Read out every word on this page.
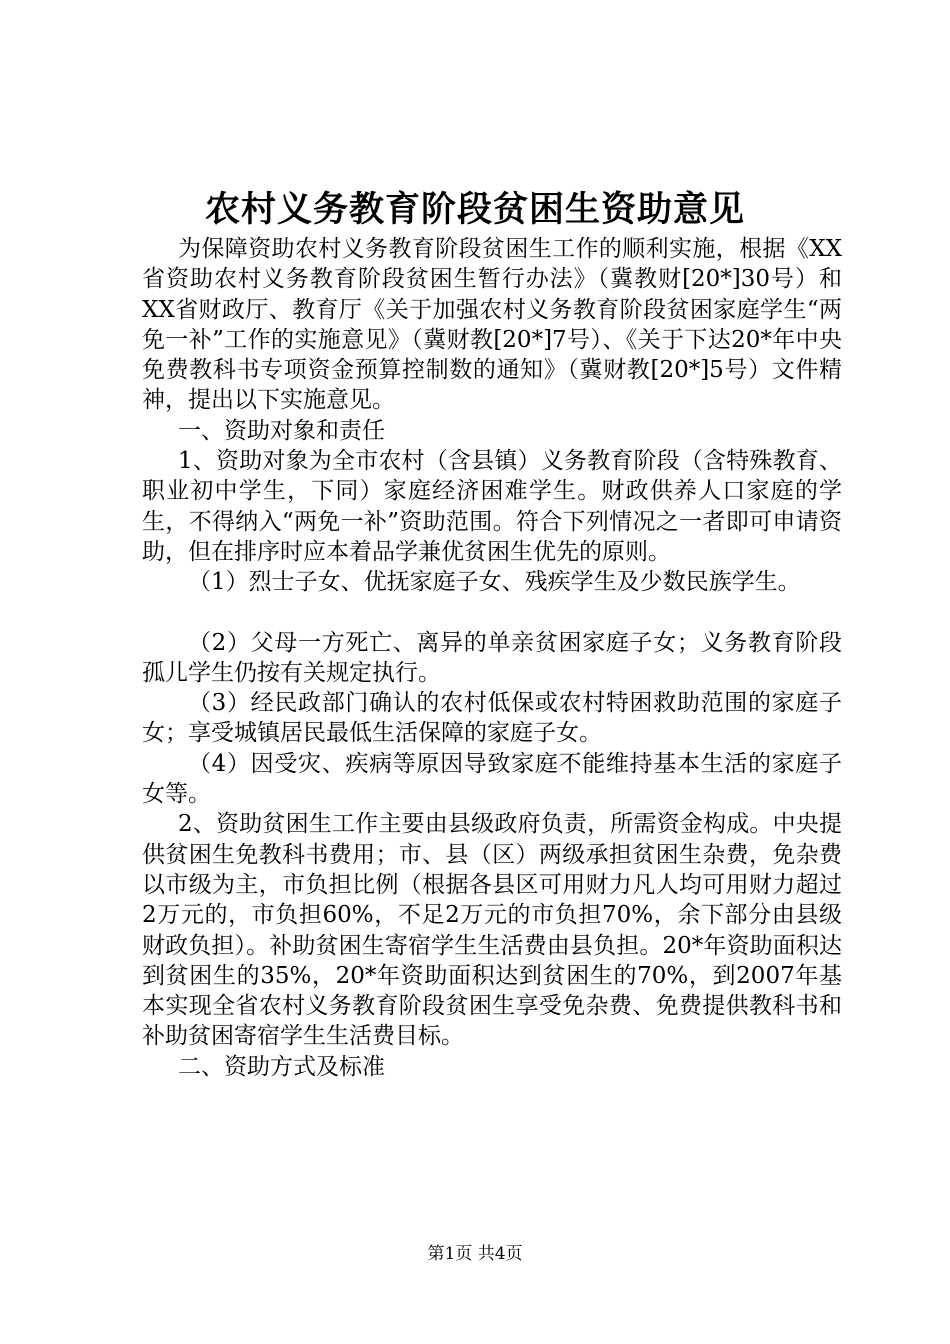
农村义务教育阶段贫困生资助意见

为保障资助农村义务教育阶段贫困生工作的顺利实施，根据《XX省资助农村义务教育阶段贫困生暂行办法》（冀教财[20*]30号）和XX省财政厅、教育厅《关于加强农村义务教育阶段贫困家庭学生“两免一补”工作的实施意见》（冀财教[20*]7号）、《关于下达20*年中央免费教科书专项资金预算控制数的通知》（冀财教[20*]5号）文件精神，提出以下实施意见。

一、资助对象和责任

1、资助对象为全市农村（含县镇）义务教育阶段（含特殊教育、职业初中学生，下同）家庭经济困难学生。财政供养人口家庭的学生，不得纳入“两免一补”资助范围。符合下列情况之一者即可申请资助，但在排序时应本着品学兼优贫困生优先的原则。

（1）烈士子女、优抚家庭子女、残疾学生及少数民族学生。

（2）父母一方死亡、离异的单亲贫困家庭子女；义务教育阶段孤儿学生仍按有关规定执行。

（3）经民政部门确认的农村低保或农村特困救助范围的家庭子女；享受城镇居民最低生活保障的家庭子女。

（4）因受灾、疾病等原因导致家庭不能维持基本生活的家庭子女等。

2、资助贫困生工作主要由县级政府负责，所需资金构成。中央提供贫困生免教科书费用；市、县（区）两级承担贫困生杂费，免杂费以市级为主，市负担比例（根据各县区可用财力凡人均可用财力超过2万元的，市负担60%，不足2万元的市负担70%，余下部分由县级财政负担）。补助贫困生寄宿学生生活费由县负担。20*年资助面积达到贫困生的35%，20*年资助面积达到贫困生的70%，到2007年基本实现全省农村义务教育阶段贫困生享受免杂费、免费提供教科书和补助贫困寄宿学生生活费目标。

二、资助方式及标准

第1页 共4页
